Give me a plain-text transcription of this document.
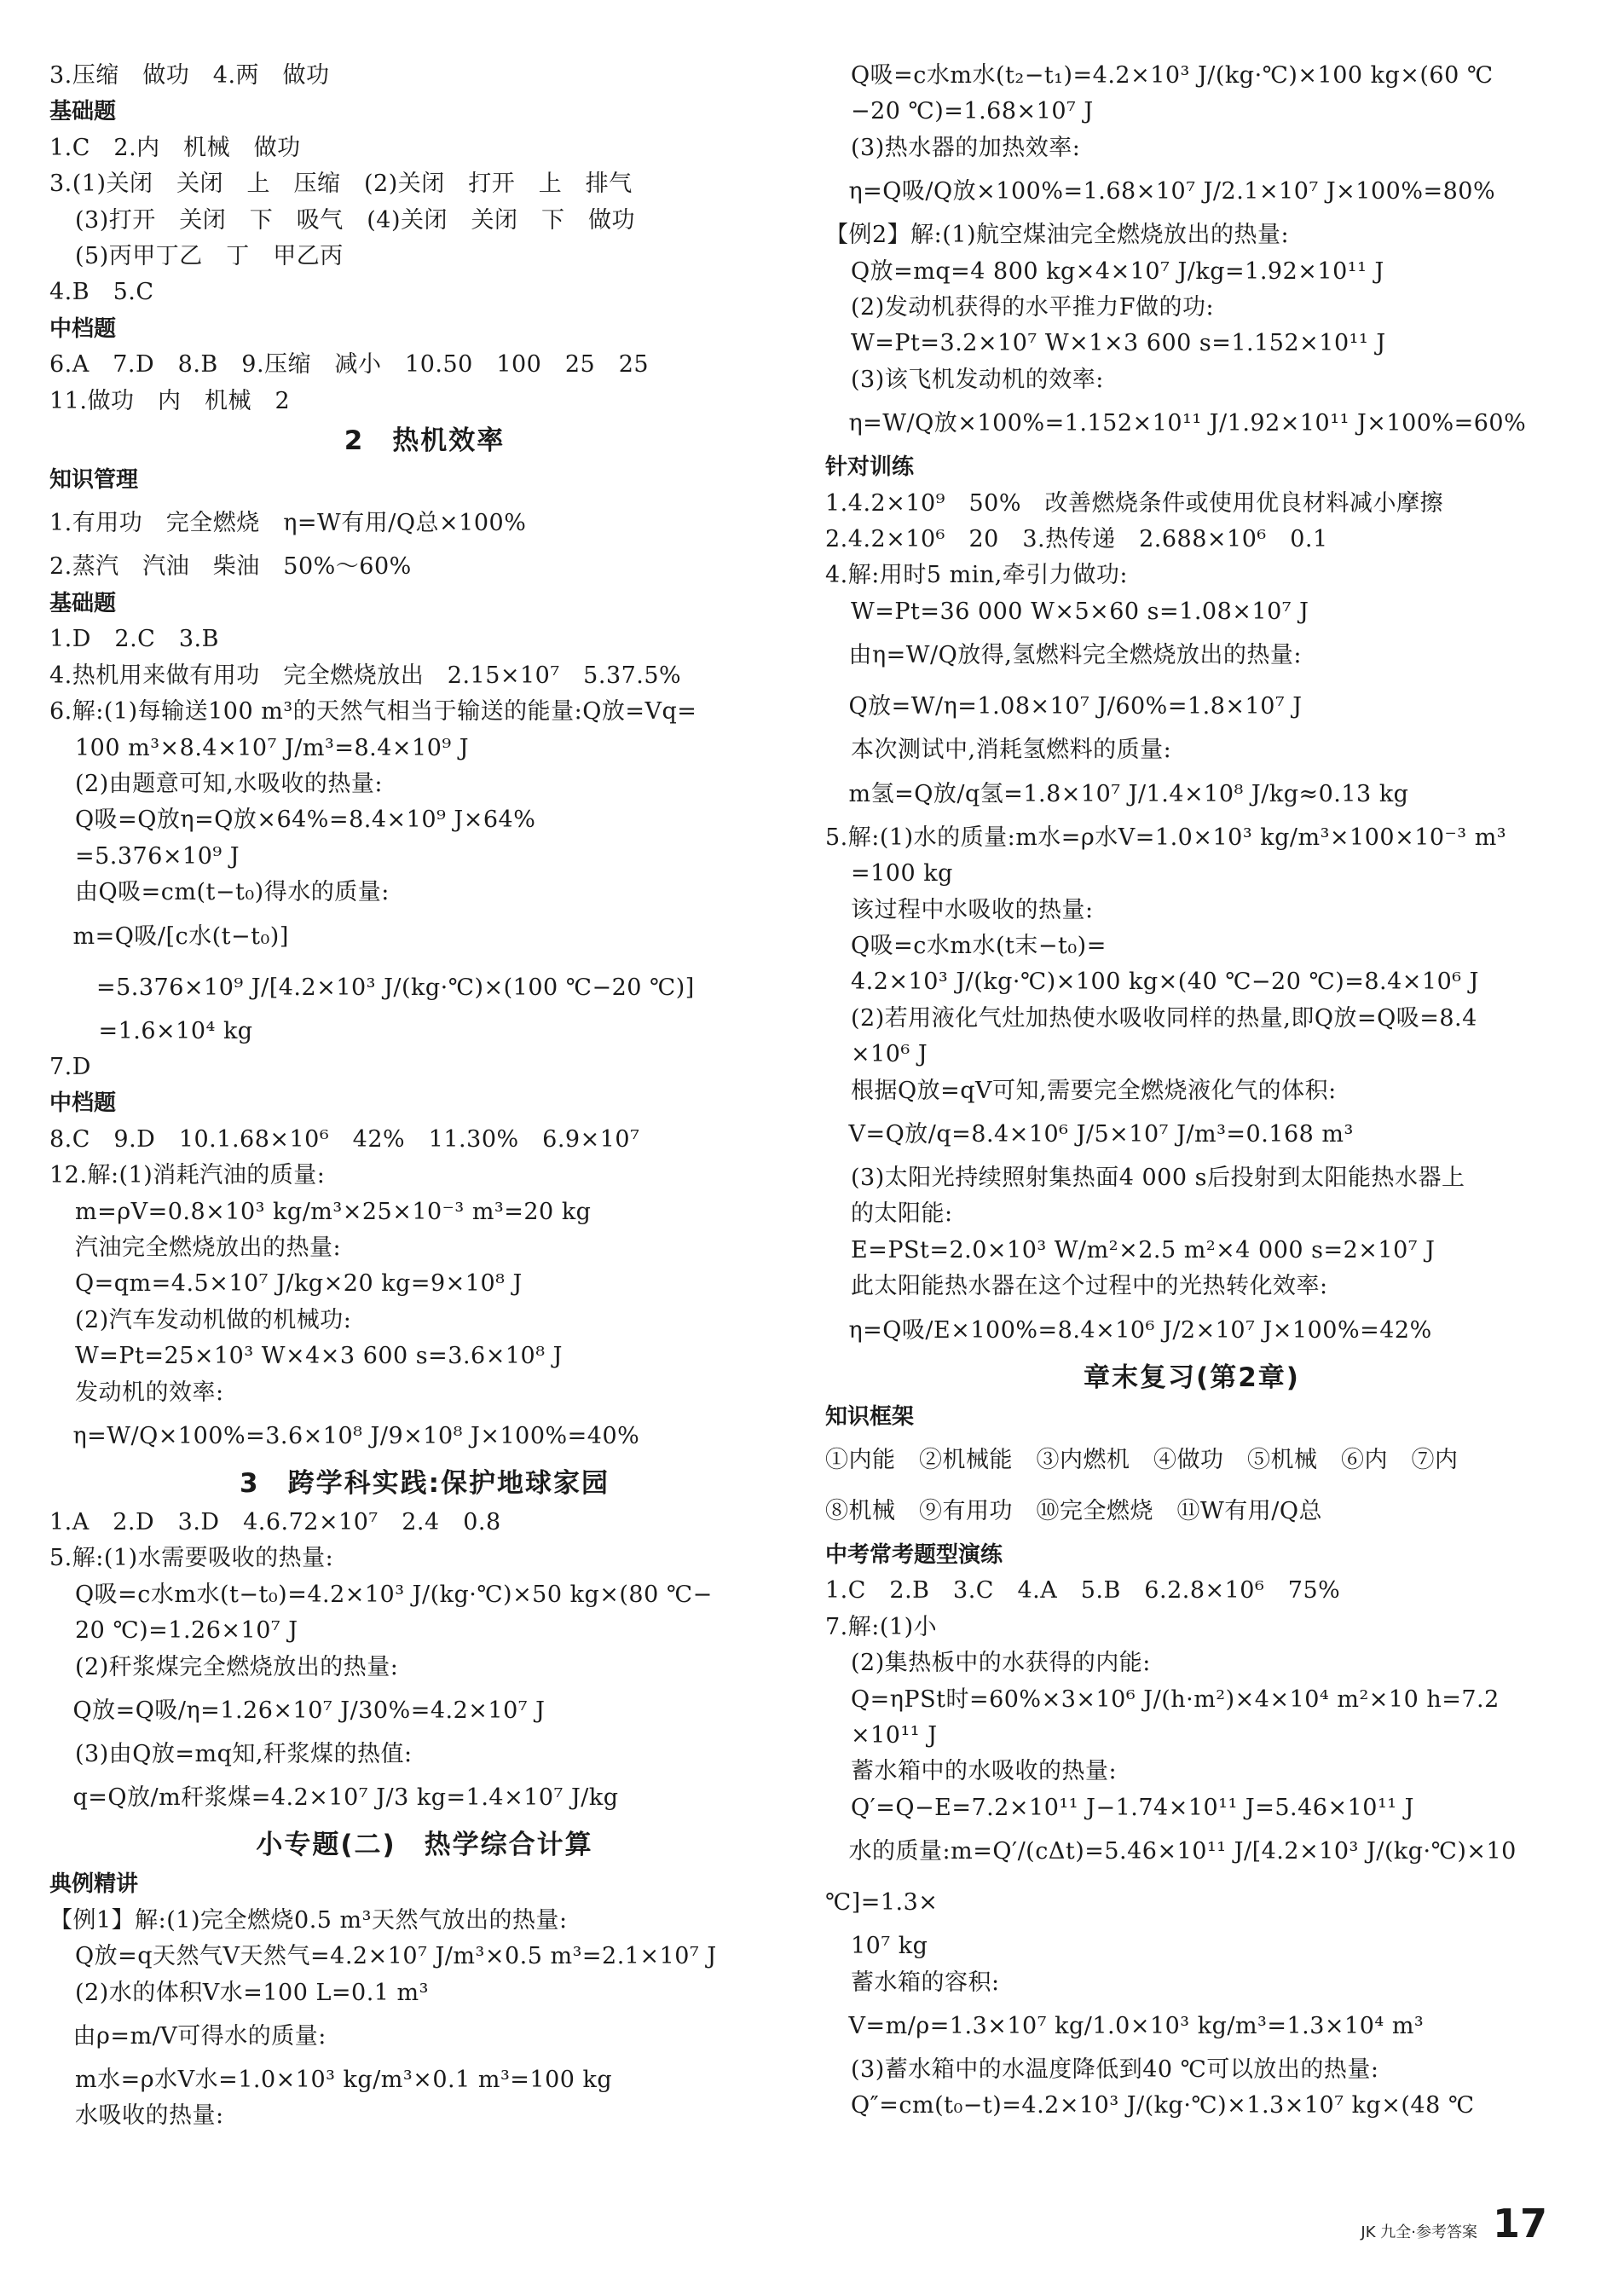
3.压缩　做功　4.两　做功
基础题
1.C　2.内　机械　做功
3.(1)关闭　关闭　上　压缩　(2)关闭　打开　上　排气
(3)打开　关闭　下　吸气　(4)关闭　关闭　下　做功
(5)丙甲丁乙　丁　甲乙丙
4.B　5.C
中档题
6.A　7.D　8.B　9.压缩　减小　10.50　100　25　25
11.做功　内　机械　2
2　热机效率
知识管理
1.有用功　完全燃烧　η=W有用/Q总×100%
2.蒸汽　汽油　柴油　50%～60%
基础题
1.D　2.C　3.B
4.热机用来做有用功　完全燃烧放出　2.15×10⁷　5.37.5%
6.解:(1)每输送100 m³的天然气相当于输送的能量:Q放=Vq=
100 m³×8.4×10⁷ J/m³=8.4×10⁹ J
(2)由题意可知,水吸收的热量:
Q吸=Q放η=Q放×64%=8.4×10⁹ J×64%
=5.376×10⁹ J
由Q吸=cm(t−t₀)得水的质量:
　m=Q吸/[c水(t−t₀)]
　　=5.376×10⁹ J/[4.2×10³ J/(kg·℃)×(100 ℃−20 ℃)]
　=1.6×10⁴ kg
7.D
中档题
8.C　9.D　10.1.68×10⁶　42%　11.30%　6.9×10⁷
12.解:(1)消耗汽油的质量:
m=ρV=0.8×10³ kg/m³×25×10⁻³ m³=20 kg
汽油完全燃烧放出的热量:
Q=qm=4.5×10⁷ J/kg×20 kg=9×10⁸ J
(2)汽车发动机做的机械功:
W=Pt=25×10³ W×4×3 600 s=3.6×10⁸ J
发动机的效率:
　η=W/Q×100%=3.6×10⁸ J/9×10⁸ J×100%=40%
3　跨学科实践:保护地球家园
1.A　2.D　3.D　4.6.72×10⁷　2.4　0.8
5.解:(1)水需要吸收的热量:
Q吸=c水m水(t−t₀)=4.2×10³ J/(kg·℃)×50 kg×(80 ℃−
20 ℃)=1.26×10⁷ J
(2)秆浆煤完全燃烧放出的热量:
　Q放=Q吸/η=1.26×10⁷ J/30%=4.2×10⁷ J
(3)由Q放=mq知,秆浆煤的热值:
　q=Q放/m秆浆煤=4.2×10⁷ J/3 kg=1.4×10⁷ J/kg
小专题(二)　热学综合计算
典例精讲
【例1】解:(1)完全燃烧0.5 m³天然气放出的热量:
Q放=q天然气V天然气=4.2×10⁷ J/m³×0.5 m³=2.1×10⁷ J
(2)水的体积V水=100 L=0.1 m³
　由ρ=m/V可得水的质量:
m水=ρ水V水=1.0×10³ kg/m³×0.1 m³=100 kg
水吸收的热量:
Q吸=c水m水(t₂−t₁)=4.2×10³ J/(kg·℃)×100 kg×(60 ℃
−20 ℃)=1.68×10⁷ J
(3)热水器的加热效率:
　η=Q吸/Q放×100%=1.68×10⁷ J/2.1×10⁷ J×100%=80%
【例2】解:(1)航空煤油完全燃烧放出的热量:
Q放=mq=4 800 kg×4×10⁷ J/kg=1.92×10¹¹ J
(2)发动机获得的水平推力F做的功:
W=Pt=3.2×10⁷ W×1×3 600 s=1.152×10¹¹ J
(3)该飞机发动机的效率:
　η=W/Q放×100%=1.152×10¹¹ J/1.92×10¹¹ J×100%=60%
针对训练
1.4.2×10⁹　50%　改善燃烧条件或使用优良材料减小摩擦
2.4.2×10⁶　20　3.热传递　2.688×10⁶　0.1
4.解:用时5 min,牵引力做功:
W=Pt=36 000 W×5×60 s=1.08×10⁷ J
　由η=W/Q放得,氢燃料完全燃烧放出的热量:
　Q放=W/η=1.08×10⁷ J/60%=1.8×10⁷ J
本次测试中,消耗氢燃料的质量:
　m氢=Q放/q氢=1.8×10⁷ J/1.4×10⁸ J/kg≈0.13 kg
5.解:(1)水的质量:m水=ρ水V=1.0×10³ kg/m³×100×10⁻³ m³
=100 kg
该过程中水吸收的热量:
Q吸=c水m水(t末−t₀)=
4.2×10³ J/(kg·℃)×100 kg×(40 ℃−20 ℃)=8.4×10⁶ J
(2)若用液化气灶加热使水吸收同样的热量,即Q放=Q吸=8.4
×10⁶ J
根据Q放=qV可知,需要完全燃烧液化气的体积:
　V=Q放/q=8.4×10⁶ J/5×10⁷ J/m³=0.168 m³
(3)太阳光持续照射集热面4 000 s后投射到太阳能热水器上
的太阳能:
E=PSt=2.0×10³ W/m²×2.5 m²×4 000 s=2×10⁷ J
此太阳能热水器在这个过程中的光热转化效率:
　η=Q吸/E×100%=8.4×10⁶ J/2×10⁷ J×100%=42%
章末复习(第2章)
知识框架
①内能　②机械能　③内燃机　④做功　⑤机械　⑥内　⑦内
⑧机械　⑨有用功　⑩完全燃烧　⑪W有用/Q总
中考常考题型演练
1.C　2.B　3.C　4.A　5.B　6.2.8×10⁶　75%
7.解:(1)小
(2)集热板中的水获得的内能:
Q=ηPSt时=60%×3×10⁶ J/(h·m²)×4×10⁴ m²×10 h=7.2
×10¹¹ J
蓄水箱中的水吸收的热量:
Q′=Q−E=7.2×10¹¹ J−1.74×10¹¹ J=5.46×10¹¹ J
　水的质量:m=Q′/(cΔt)=5.46×10¹¹ J/[4.2×10³ J/(kg·℃)×10 ℃]=1.3×
10⁷ kg
蓄水箱的容积:
　V=m/ρ=1.3×10⁷ kg/1.0×10³ kg/m³=1.3×10⁴ m³
(3)蓄水箱中的水温度降低到40 ℃可以放出的热量:
Q″=cm(t₀−t)=4.2×10³ J/(kg·℃)×1.3×10⁷ kg×(48 ℃
JK 九全·参考答案 17
